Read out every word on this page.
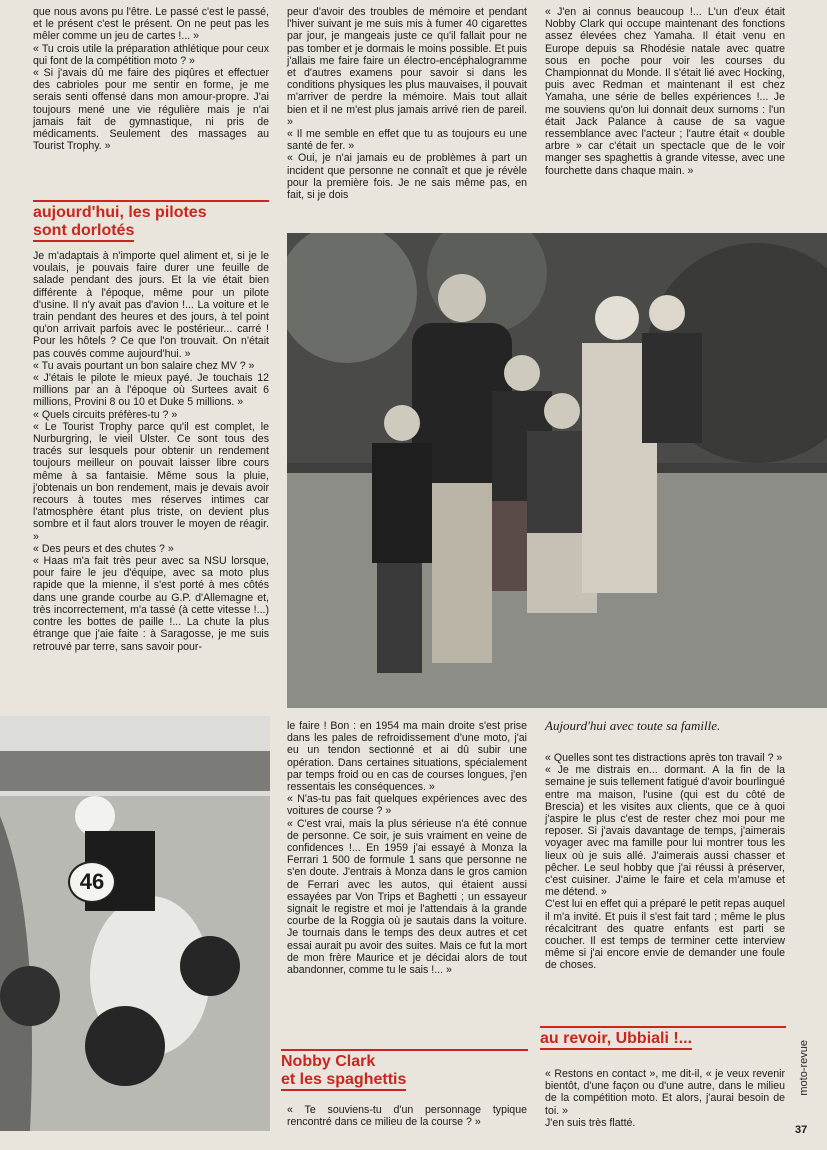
que nous avons pu l'être. Le passé c'est le passé, et le présent c'est le présent. On ne peut pas les mêler comme un jeu de cartes !... »

« Tu crois utile la préparation athlétique pour ceux qui font de la compétition moto ? »

« Si j'avais dû me faire des piqûres et effectuer des cabrioles pour me sentir en forme, je me serais senti offensé dans mon amour-propre. J'ai toujours mené une vie régulière mais je n'ai jamais fait de gymnastique, ni pris de médicaments. Seulement des massages au Tourist Trophy. »

aujourd'hui, les pilotes
sont dorlotés

Je m'adaptais à n'importe quel aliment et, si je le voulais, je pouvais faire durer une feuille de salade pendant des jours. Et la vie était bien différente à l'époque, même pour un pilote d'usine. Il n'y avait pas d'avion !... La voiture et le train pendant des heures et des jours, à tel point qu'on arrivait parfois avec le postérieur... carré ! Pour les hôtels ? Ce que l'on trouvait. On n'était pas couvés comme aujourd'hui. »

« Tu avais pourtant un bon salaire chez MV ? »

« J'étais le pilote le mieux payé. Je touchais 12 millions par an à l'époque où Surtees avait 6 millions, Provini 8 ou 10 et Duke 5 millions. »

« Quels circuits préfères-tu ? »

« Le Tourist Trophy parce qu'il est complet, le Nurburgring, le vieil Ulster. Ce sont tous des tracés sur lesquels pour obtenir un rendement toujours meilleur on pouvait laisser libre cours même à sa fantaisie. Même sous la pluie, j'obtenais un bon rendement, mais je devais avoir recours à toutes mes réserves intimes car l'atmosphère étant plus triste, on devient plus sombre et il faut alors trouver le moyen de réagir. »

« Des peurs et des chutes ? »

« Haas m'a fait très peur avec sa NSU lorsque, pour faire le jeu d'équipe, avec sa moto plus rapide que la mienne, il s'est porté à mes côtés dans une grande courbe au G.P. d'Allemagne et, très incorrectement, m'a tassé (à cette vitesse !...) contre les bottes de paille !... La chute la plus étrange que j'aie faite : à Saragosse, je me suis retrouvé par terre, sans savoir pour-

peur d'avoir des troubles de mémoire et pendant l'hiver suivant je me suis mis à fumer 40 cigarettes par jour, je mangeais juste ce qu'il fallait pour ne pas tomber et je dormais le moins possible. Et puis j'allais me faire faire un électro-encéphalogramme et d'autres examens pour savoir si dans les conditions physiques les plus mauvaises, il pouvait m'arriver de perdre la mémoire. Mais tout allait bien et il ne m'est plus jamais arrivé rien de pareil. »

« Il me semble en effet que tu as toujours eu une santé de fer. »

« Oui, je n'ai jamais eu de problèmes à part un incident que personne ne connaît et que je révèle pour la première fois. Je ne sais même pas, en fait, si je dois

« J'en ai connus beaucoup !... L'un d'eux était Nobby Clark qui occupe maintenant des fonctions assez élevées chez Yamaha. Il était venu en Europe depuis sa Rhodésie natale avec quatre sous en poche pour voir les courses du Championnat du Monde. Il s'était lié avec Hocking, puis avec Redman et maintenant il est chez Yamaha, une série de belles expériences !... Je me souviens qu'on lui donnait deux surnoms : l'un était Jack Palance à cause de sa vague ressemblance avec l'acteur ; l'autre était « double arbre » car c'était un spectacle que de le voir manger ses spaghettis à grande vitesse, avec une fourchette dans chaque main. »

Aujourd'hui avec toute sa famille.
46

le faire ! Bon : en 1954 ma main droite s'est prise dans les pales de refroidissement d'une moto, j'ai eu un tendon sectionné et ai dû subir une opération. Dans certaines situations, spécialement par temps froid ou en cas de courses longues, j'en ressentais les conséquences. »

« N'as-tu pas fait quelques expériences avec des voitures de course ? »

« C'est vrai, mais la plus sérieuse n'a été connue de personne. Ce soir, je suis vraiment en veine de confidences !... En 1959 j'ai essayé à Monza la Ferrari 1 500 de formule 1 sans que personne ne s'en doute. J'entrais à Monza dans le gros camion de Ferrari avec les autos, qui étaient aussi essayées par Von Trips et Baghetti ; un essayeur signait le registre et moi je l'attendais à la grande courbe de la Roggia où je sautais dans la voiture. Je tournais dans le temps des deux autres et cet essai aurait pu avoir des suites. Mais ce fut la mort de mon frère Maurice et je décidai alors de tout abandonner, comme tu le sais !... »

Nobby Clark
et les spaghettis

« Te souviens-tu d'un personnage typique rencontré dans ce milieu de la course ? »

« Quelles sont tes distractions après ton travail ? »

« Je me distrais en... dormant. A la fin de la semaine je suis tellement fatigué d'avoir bourlingué entre ma maison, l'usine (qui est du côté de Brescia) et les visites aux clients, que ce à quoi j'aspire le plus c'est de rester chez moi pour me reposer. Si j'avais davantage de temps, j'aimerais voyager avec ma famille pour lui montrer tous les lieux où je suis allé. J'aimerais aussi chasser et pêcher. Le seul hobby que j'ai réussi à préserver, c'est cuisiner. J'aime le faire et cela m'amuse et me détend. »

C'est lui en effet qui a préparé le petit repas auquel il m'a invité. Et puis il s'est fait tard ; même le plus récalcitrant des quatre enfants est parti se coucher. Il est temps de terminer cette interview même si j'ai encore envie de demander une foule de choses.

au revoir, Ubbiali !...

« Restons en contact », me dit-il, « je veux revenir bientôt, d'une façon ou d'une autre, dans le milieu de la compétition moto. Et alors, j'aurai besoin de toi. »

J'en suis très flatté.

moto-revue
37
